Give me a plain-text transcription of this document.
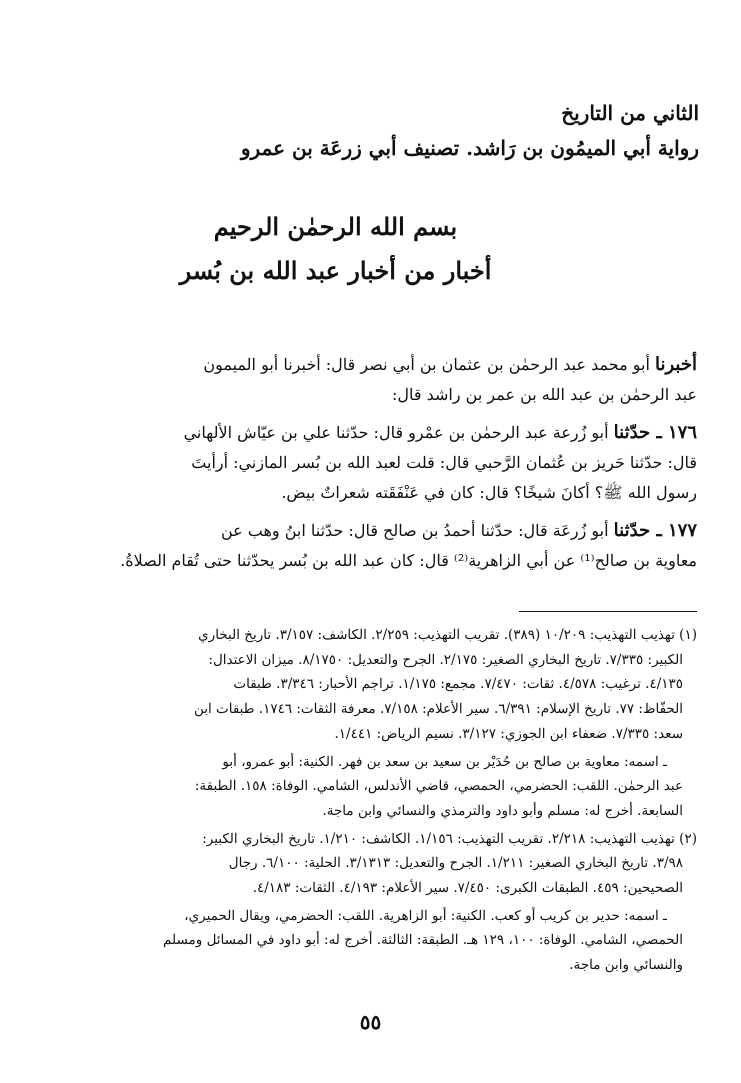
الثاني من التاريخ
رواية أبي الميمُون بن رَاشد. تصنيف أبي زرعَة بن عمرو
بسم الله الرحمٰن الرحيم
أخبار من أخبار عبد الله بن بُسر
أخبرنا أبو محمد عبد الرحمٰن بن عثمان بن أبي نصر قال: أخبرنا أبو الميمون
عبد الرحمٰن بن عبد الله بن عمر بن راشد قال:
١٧٦ ـ حدّثنا أبو زُرعة عبد الرحمٰن بن عمْرو قال: حدّثنا علي بن عيّاش الألهاني
قال: حدّثنا حَريز بن عُثمان الرَّحبي قال: قلت لعبد الله بن بُسر المازني: أرأيتَ
رسول الله ﷺ؟ أكانَ شيخًا؟ قال: كان في عَنْفَقَته شعراتٌ بيض.
١٧٧ ـ حدّثنا أبو زُرعَة قال: حدّثنا أحمدُ بن صالح قال: حدّثنا ابنُ وهب عن
معاوية بن صالح⁽¹⁾ عن أبي الزاهرية⁽²⁾ قال: كان عبد الله بن بُسر يحدّثنا حتى تُقام الصلاةُ.
(١) تهذيب التهذيب: ١٠/٢٠٩ (٣٨٩). تقريب التهذيب: ٢/٢٥٩. الكاشف: ٣/١٥٧. تاريخ البخاري
الكبير: ٧/٣٣٥. تاريخ البخاري الصغير: ٢/١٧٥. الجرح والتعديل: ٨/١٧٥٠. ميزان الاعتدال:
٤/١٣٥. ترغيب: ٤/٥٧٨. ثقات: ٧/٤٧٠. مجمع: ١/١٧٥. تراجم الأحبار: ٣/٣٤٦. طبقات
الحفّاظ: ٧٧. تاريخ الإسلام: ٦/٣٩١. سير الأعلام: ٧/١٥٨. معرفة الثقات: ١٧٤٦. طبقات ابن
سعد: ٧/٣٣٥. ضعفاء ابن الجوزي: ٣/١٢٧. نسيم الرياض: ١/٤٤١.
ـ اسمه: معاوية بن صالح بن حُدَيْر بن سعيد بن سعد بن فهر. الكنية: أبو عمرو، أبو
عبد الرحمٰن. اللقب: الحضرمي، الحمصي، قاضي الأندلس، الشامي. الوفاة: ١٥٨. الطبقة:
السابعة. أخرج له: مسلم وأبو داود والترمذي والنسائي وابن ماجة.
(٢) تهذيب التهذيب: ٢/٢١٨. تقريب التهذيب: ١/١٥٦. الكاشف: ١/٢١٠. تاريخ البخاري الكبير:
٣/٩٨. تاريخ البخاري الصغير: ١/٢١١. الجرح والتعديل: ٣/١٣١٣. الحلية: ٦/١٠٠. رجال
الصحيحين: ٤٥٩. الطبقات الكبرى: ٧/٤٥٠. سير الأعلام: ٤/١٩٣. الثقات: ٤/١٨٣.
ـ اسمه: حدير بن كريب أو كعب. الكنية: أبو الزاهرية. اللقب: الحضرمي، ويقال الحميري،
الحمصي، الشامي. الوفاة: ١٠٠، ١٢٩ هـ. الطبقة: الثالثة. أخرج له: أبو داود في المسائل ومسلم
والنسائي وابن ماجة.
٥٥
